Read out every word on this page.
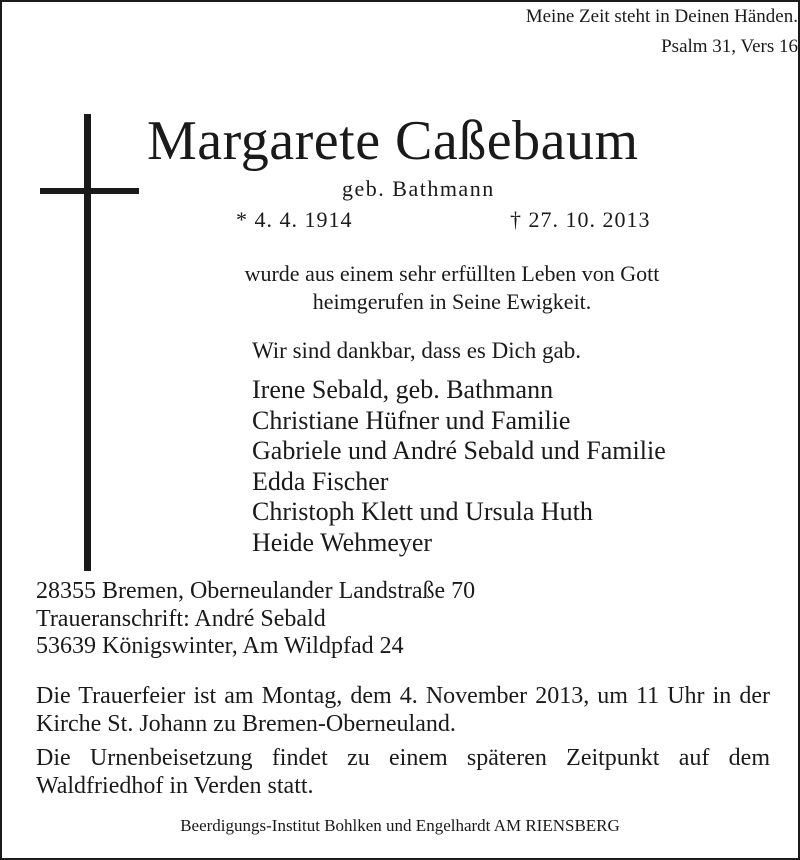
Meine Zeit steht in Deinen Händen.
Psalm 31, Vers 16
Margarete Caßebaum
geb. Bathmann
* 4. 4. 1914	† 27. 10. 2013
wurde aus einem sehr erfüllten Leben von Gott
heimgerufen in Seine Ewigkeit.
Wir sind dankbar, dass es Dich gab.
Irene Sebald, geb. Bathmann
Christiane Hüfner und Familie
Gabriele und André Sebald und Familie
Edda Fischer
Christoph Klett und Ursula Huth
Heide Wehmeyer
28355 Bremen, Oberneulander Landstraße 70
Traueranschrift: André Sebald
53639 Königswinter, Am Wildpfad 24

Die Trauerfeier ist am Montag, dem 4. November 2013, um 11 Uhr in der Kirche St. Johann zu Bremen-Oberneuland.

Die Urnenbeisetzung findet zu einem späteren Zeitpunkt auf dem Waldfriedhof in Verden statt.

Beerdigungs-Institut Bohlken und Engelhardt AM RIENSBERG
